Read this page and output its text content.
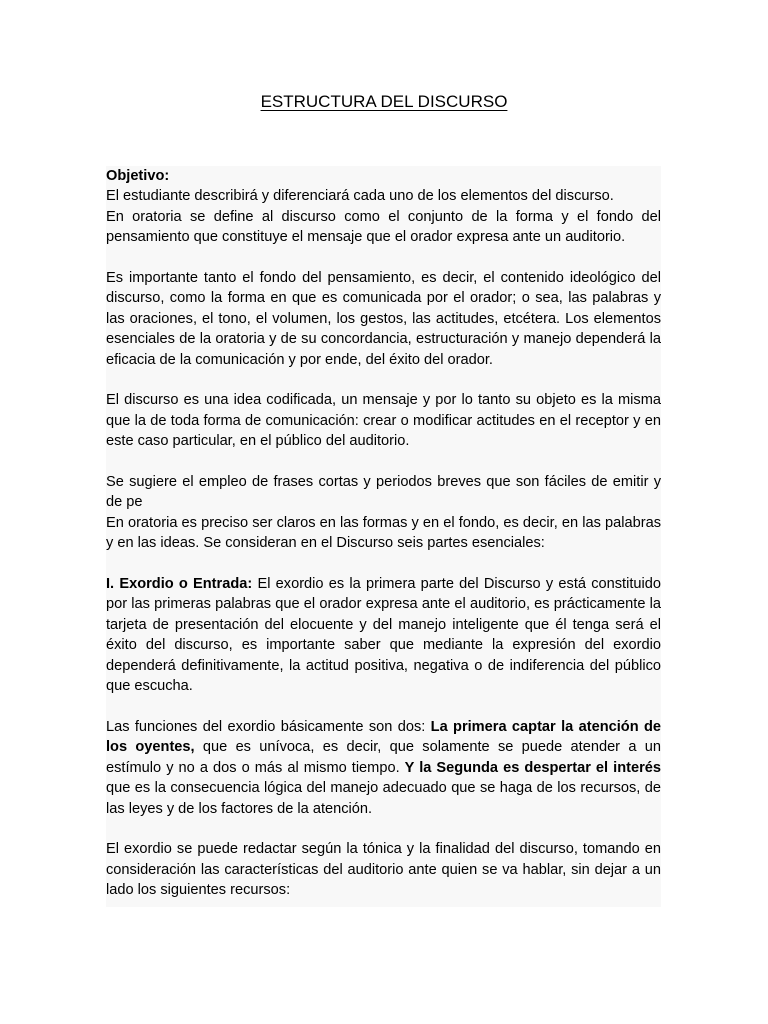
ESTRUCTURA DEL DISCURSO

Objetivo:

El estudiante describirá y diferenciará cada uno de los elementos del discurso.

En oratoria se define al discurso como el conjunto de la forma y el fondo del pensamiento que constituye el mensaje que el orador expresa ante un auditorio.

Es importante tanto el fondo del pensamiento, es decir, el contenido ideológico del discurso, como la forma en que es comunicada por el orador; o sea, las palabras y las oraciones, el tono, el volumen, los gestos, las actitudes, etcétera. Los elementos esenciales de la oratoria y de su concordancia, estructuración y manejo dependerá la eficacia de la comunicación y por ende, del éxito del orador.

El discurso es una idea codificada, un mensaje y por lo tanto su objeto es la misma que la de toda forma de comunicación: crear o modificar actitudes en el receptor y en este caso particular, en el público del auditorio.

Se sugiere el empleo de frases cortas y periodos breves que son fáciles de emitir y de pe

En oratoria es preciso ser claros en las formas y en el fondo, es decir, en las palabras y en las ideas. Se consideran en el Discurso seis partes esenciales:

I. Exordio o Entrada: El exordio es la primera parte del Discurso y está constituido por las primeras palabras que el orador expresa ante el auditorio, es prácticamente la tarjeta de presentación del elocuente y del manejo inteligente que él tenga será el éxito del discurso, es importante saber que mediante la expresión del exordio dependerá definitivamente, la actitud positiva, negativa o de indiferencia del público que escucha.

Las funciones del exordio básicamente son dos: La primera captar la atención de los oyentes, que es unívoca, es decir, que solamente se puede atender a un estímulo y no a dos o más al mismo tiempo. Y la Segunda es despertar el interés que es la consecuencia lógica del manejo adecuado que se haga de los recursos, de las leyes y de los factores de la atención.

El exordio se puede redactar según la tónica y la finalidad del discurso, tomando en consideración las características del auditorio ante quien se va hablar, sin dejar a un lado los siguientes recursos:
